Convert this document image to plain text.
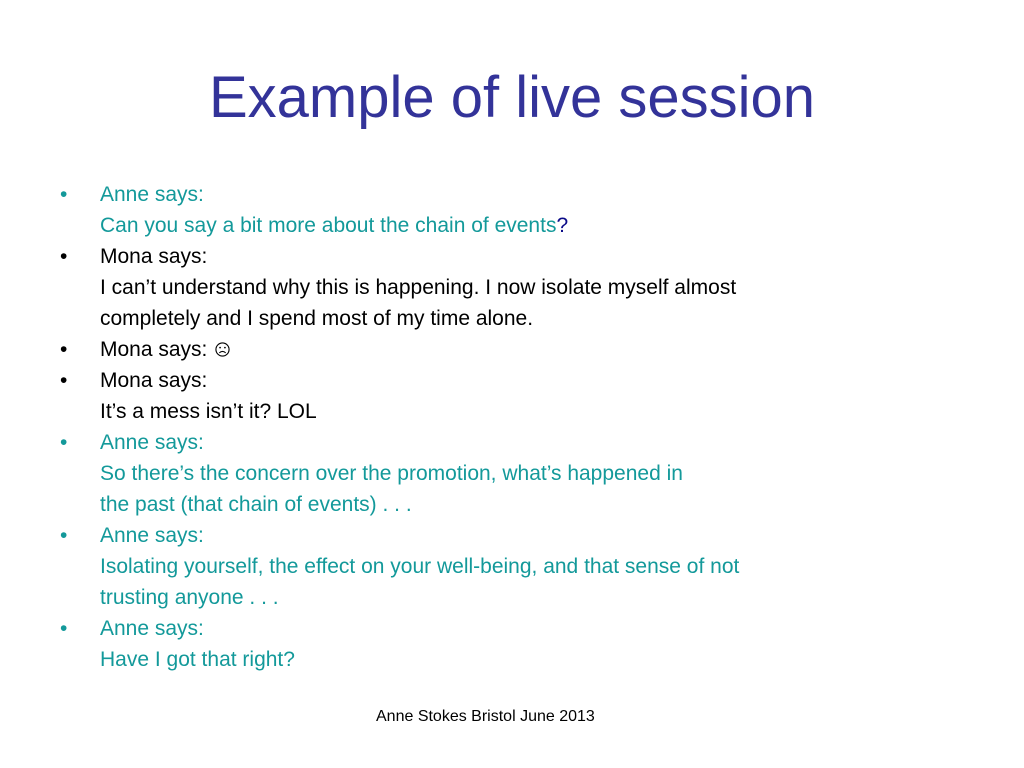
Example of live session
• Anne says:
Can you say a bit more about the chain of events?
• Mona says:
I can’t understand why this is happening. I now isolate myself almost
completely and I spend most of my time alone.
• Mona says:
• Mona says:
It’s a mess isn’t it? LOL
• Anne says:
So there’s the concern over the promotion, what’s happened in
the past (that chain of events) . . .
• Anne says:
Isolating yourself, the effect on your well-being, and that sense of not
trusting anyone . . .
• Anne says:
Have I got that right?
Anne Stokes Bristol June 2013
